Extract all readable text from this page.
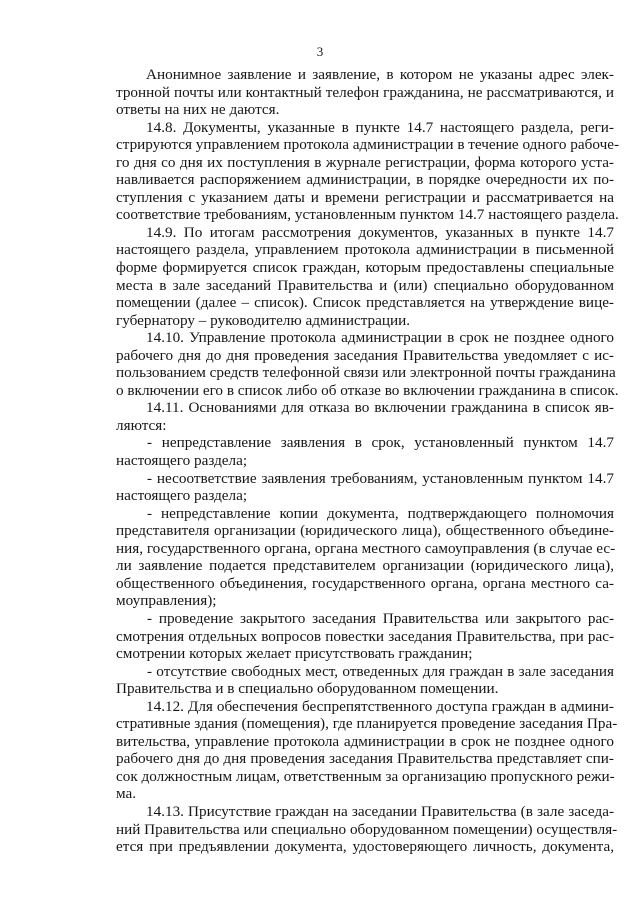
3
Анонимное заявление и заявление, в котором не указаны адрес элек-
тронной почты или контактный телефон гражданина, не рассматриваются, и
ответы на них не даются.
14.8. Документы, указанные в пункте 14.7 настоящего раздела, реги-
стрируются управлением протокола администрации в течение одного рабоче-
го дня со дня их поступления в журнале регистрации, форма которого уста-
навливается распоряжением администрации, в порядке очередности их по-
ступления с указанием даты и времени регистрации и рассматривается на
соответствие требованиям, установленным пунктом 14.7 настоящего раздела.
14.9. По итогам рассмотрения документов, указанных в пункте 14.7
настоящего раздела, управлением протокола администрации в письменной
форме формируется список граждан, которым предоставлены специальные
места в зале заседаний Правительства и (или) специально оборудованном
помещении (далее – список). Список представляется на утверждение вице-
губернатору – руководителю администрации.
14.10. Управление протокола администрации в срок не позднее одного
рабочего дня до дня проведения заседания Правительства уведомляет с ис-
пользованием средств телефонной связи или электронной почты гражданина
о включении его в список либо об отказе во включении гражданина в список.
14.11. Основаниями для отказа во включении гражданина в список яв-
ляются:
- непредставление заявления в срок, установленный пунктом 14.7
настоящего раздела;
- несоответствие заявления требованиям, установленным пунктом 14.7
настоящего раздела;
- непредставление копии документа, подтверждающего полномочия
представителя организации (юридического лица), общественного объедине-
ния, государственного органа, органа местного самоуправления (в случае ес-
ли заявление подается представителем организации (юридического лица),
общественного объединения, государственного органа, органа местного са-
моуправления);
- проведение закрытого заседания Правительства или закрытого рас-
смотрения отдельных вопросов повестки заседания Правительства, при рас-
смотрении которых желает присутствовать гражданин;
- отсутствие свободных мест, отведенных для граждан в зале заседания
Правительства и в специально оборудованном помещении.
14.12. Для обеспечения беспрепятственного доступа граждан в админи-
стративные здания (помещения), где планируется проведение заседания Пра-
вительства, управление протокола администрации в срок не позднее одного
рабочего дня до дня проведения заседания Правительства представляет спи-
сок должностным лицам, ответственным за организацию пропускного режи-
ма.
14.13. Присутствие граждан на заседании Правительства (в зале заседа-
ний Правительства или специально оборудованном помещении) осуществля-
ется при предъявлении документа, удостоверяющего личность, документа,
